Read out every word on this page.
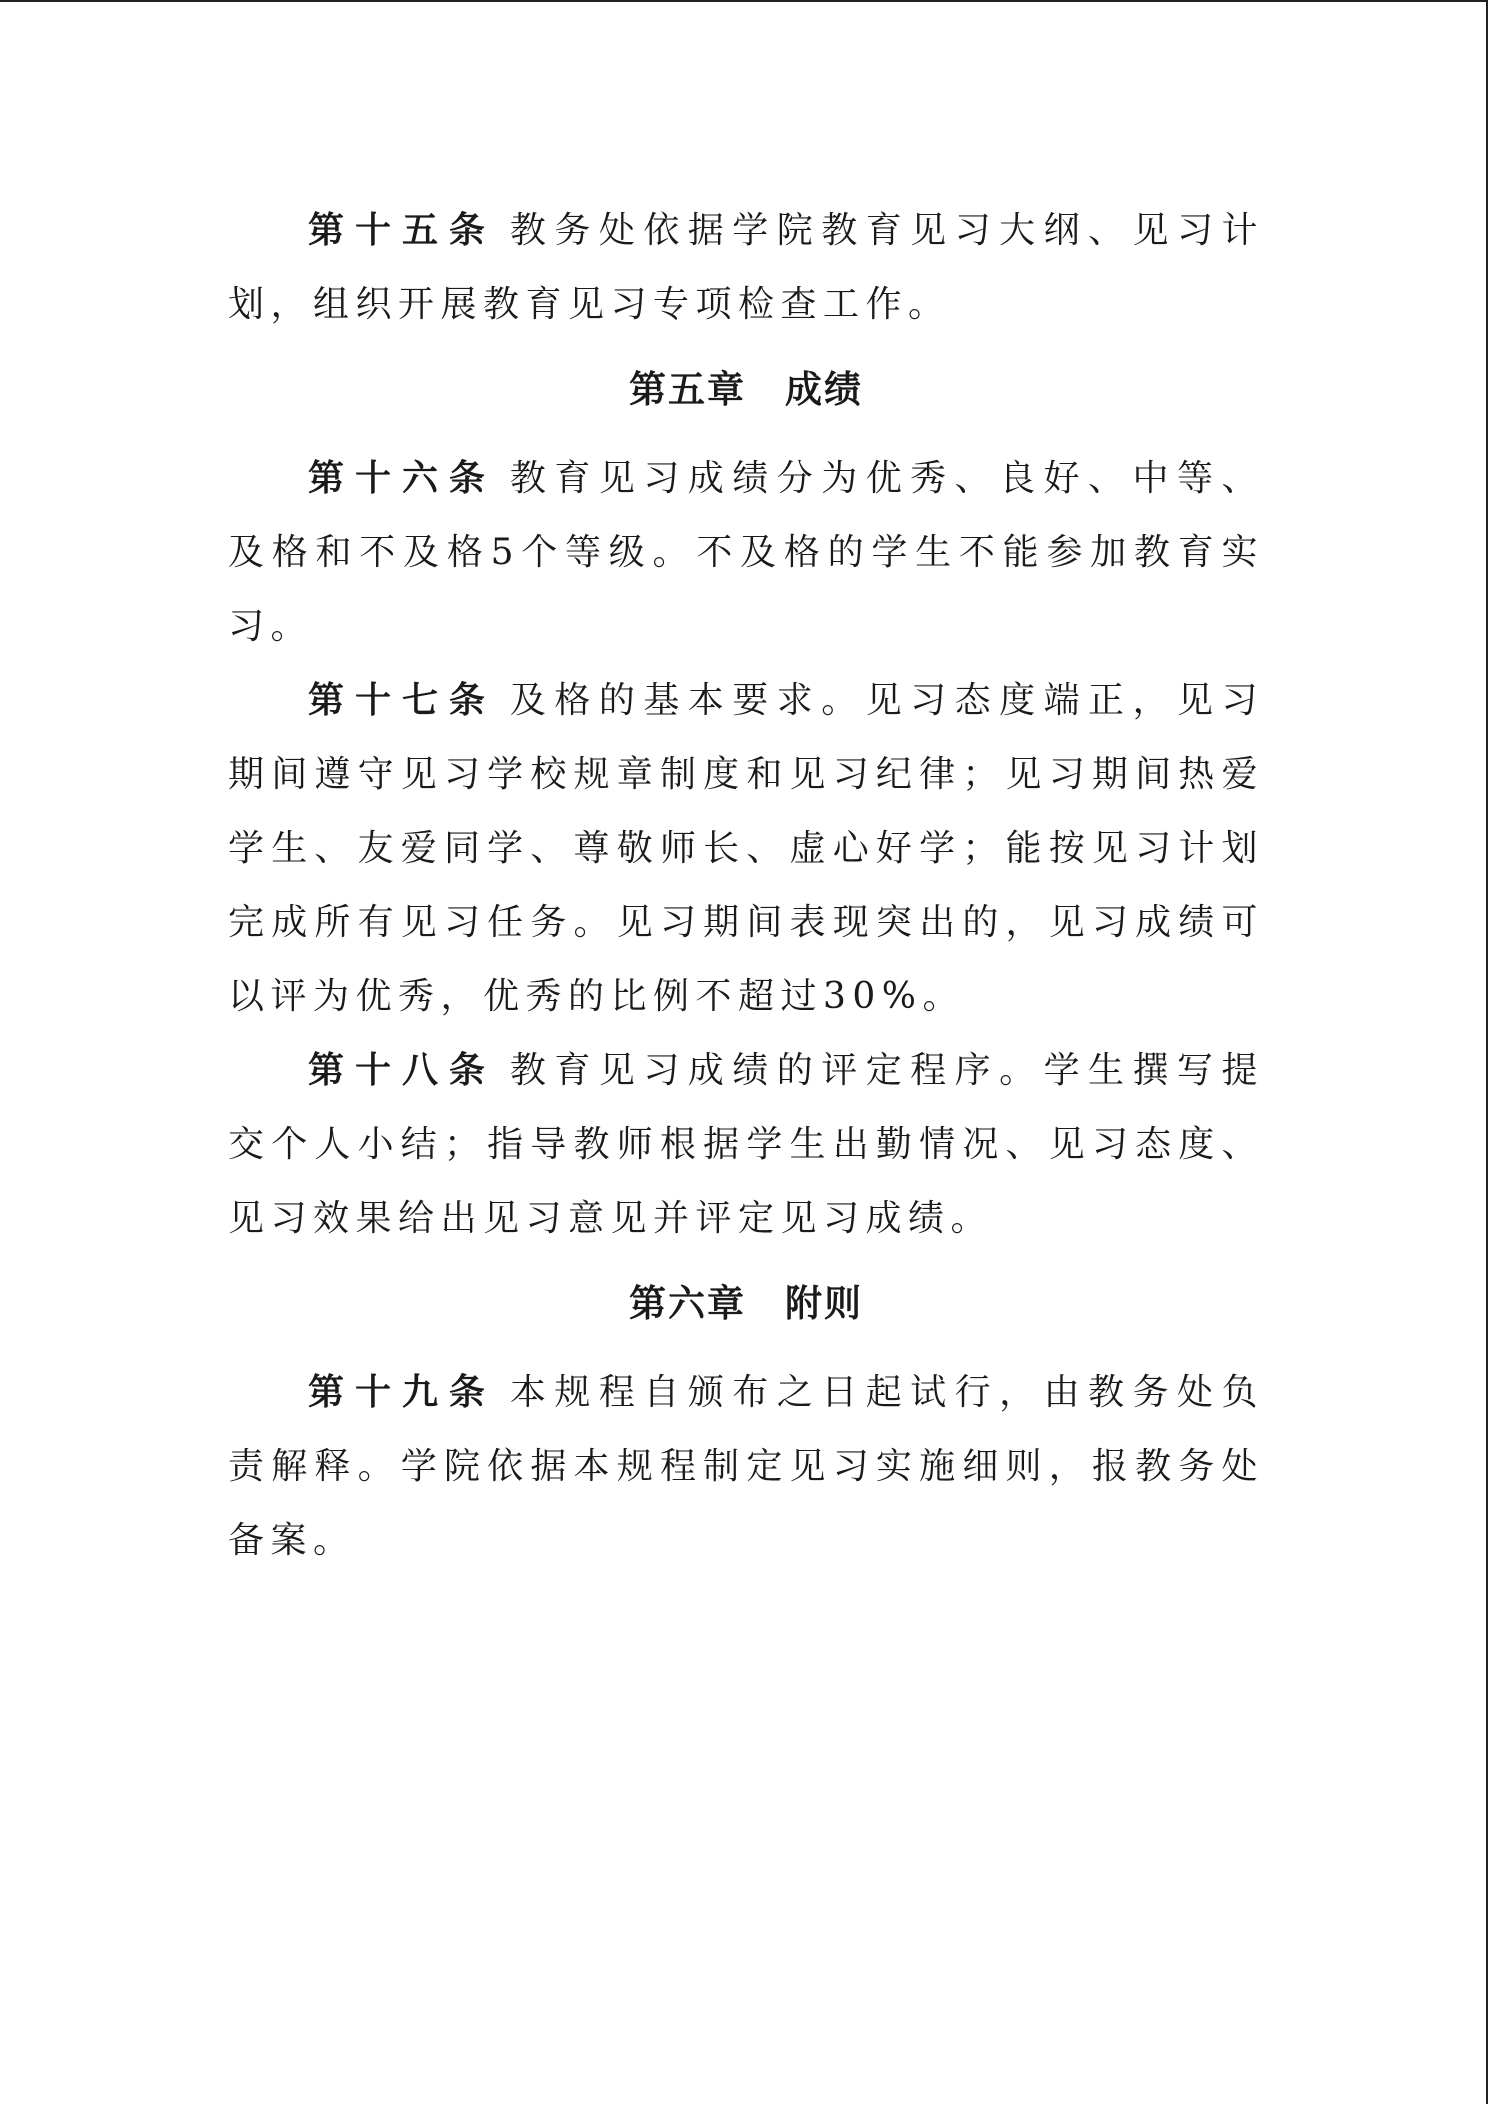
第十五条 教务处依据学院教育见习大纲、见习计划，组织开展教育见习专项检查工作。

第五章　成绩

第十六条 教育见习成绩分为优秀、良好、中等、及格和不及格5个等级。不及格的学生不能参加教育实习。

第十七条 及格的基本要求。见习态度端正，见习期间遵守见习学校规章制度和见习纪律；见习期间热爱学生、友爱同学、尊敬师长、虚心好学；能按见习计划完成所有见习任务。见习期间表现突出的，见习成绩可以评为优秀，优秀的比例不超过30%。

第十八条 教育见习成绩的评定程序。学生撰写提交个人小结；指导教师根据学生出勤情况、见习态度、见习效果给出见习意见并评定见习成绩。

第六章　附则

第十九条 本规程自颁布之日起试行，由教务处负责解释。学院依据本规程制定见习实施细则，报教务处备案。
